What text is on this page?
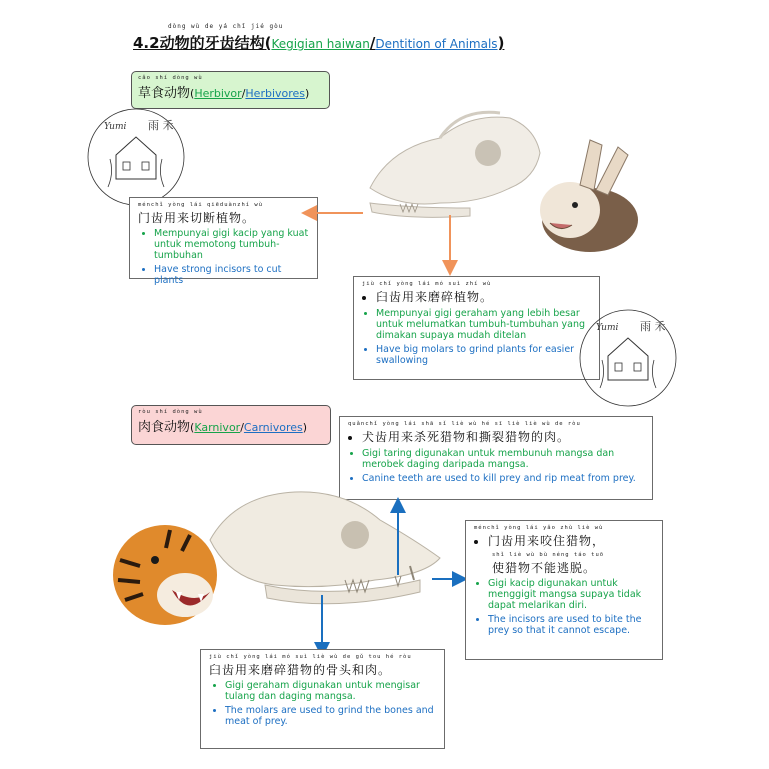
dòng wù de yá chǐ jié gòu
4.2动物的牙齿结构(Kegigian haiwan/Dentition of Animals)
cǎo shí dòng wù
草食动物(Herbivor/Herbivores)
Yumi 雨 禾
ménchǐ yòng lái qiēduànzhí wù
门齿用来切断植物。
• Mempunyai gigi kacip yang kuat untuk memotong tumbuh-tumbuhan
• Have strong incisors to cut plants	jiù chǐ yòng lái mó suì zhí wù
• 臼齿用来磨碎植物。
• Mempunyai gigi geraham yang lebih besar untuk melumatkan tumbuh-tumbuhan yang dimakan supaya mudah ditelan
• Have big molars to grind plants for easier swallowing
Yumi 雨 禾
ròu shí dòng wù
肉食动物(Karnivor/Carnivores)	quǎnchǐ yòng lái shā sǐ liè wù hé sī liè liè wù de ròu
• 犬齿用来杀死猎物和撕裂猎物的肉。
• Gigi taring digunakan untuk membunuh mangsa dan merobek daging daripada mangsa.
• Canine teeth are used to kill prey and rip meat from prey.
ménchǐ yòng lái yǎo zhù liè wù
• 门齿用来咬住猎物，
shǐ liè wù bù néng táo tuō
使猎物不能逃脱。
• Gigi kacip digunakan untuk menggigit mangsa supaya tidak dapat melarikan diri.
• The incisors are used to bite the prey so that it cannot escape.
jiù chǐ yòng lái mó suì liè wù de gǔ tou hé ròu
臼齿用来磨碎猎物的骨头和肉。
• Gigi geraham digunakan untuk mengisar tulang dan daging mangsa.
• The molars are used to grind the bones and meat of prey.
